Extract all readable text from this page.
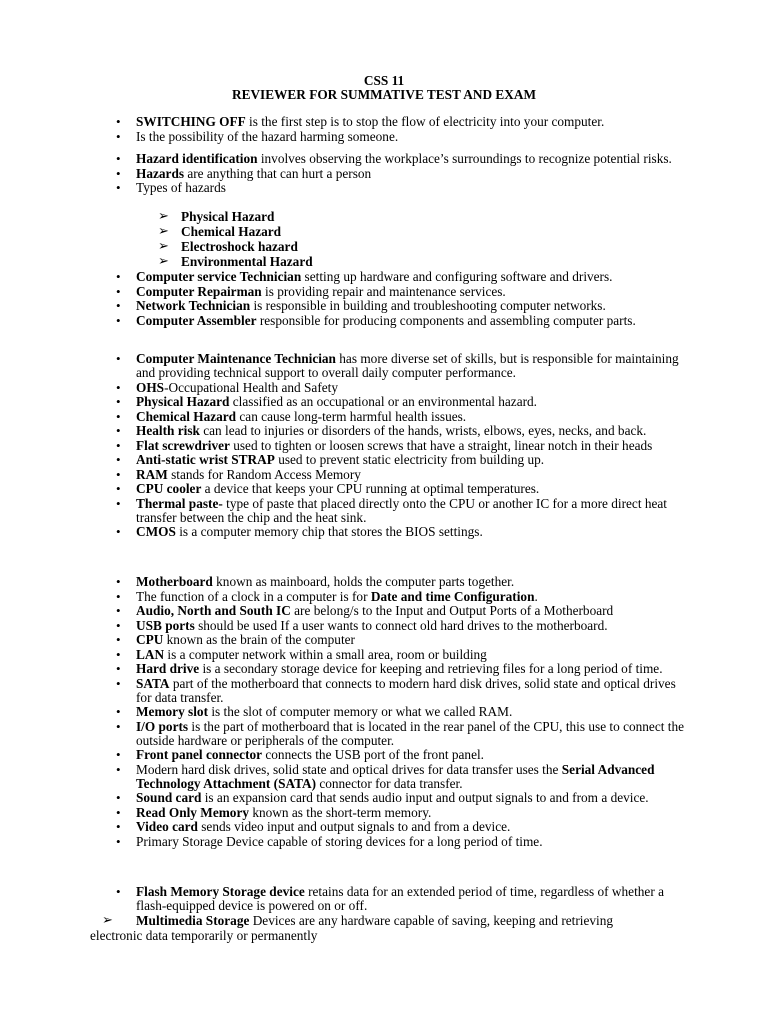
CSS 11
REVIEWER FOR SUMMATIVE TEST AND EXAM
• SWITCHING OFF is the first step is to stop the flow of electricity into your computer.
• Is the possibility of the hazard harming someone.
• Hazard identification involves observing the workplace’s surroundings to recognize potential risks.
• Hazards are anything that can hurt a person
• Types of hazards
➢ Physical Hazard
➢ Chemical Hazard
➢ Electroshock hazard
➢ Environmental Hazard
• Computer service Technician setting up hardware and configuring software and drivers.
• Computer Repairman is providing repair and maintenance services.
• Network Technician is responsible in building and troubleshooting computer networks.
• Computer Assembler responsible for producing components and assembling computer parts.
• Computer Maintenance Technician has more diverse set of skills, but is responsible for maintaining and providing technical support to overall daily computer performance.
• OHS-Occupational Health and Safety
• Physical Hazard classified as an occupational or an environmental hazard.
• Chemical Hazard can cause long-term harmful health issues.
• Health risk can lead to injuries or disorders of the hands, wrists, elbows, eyes, necks, and back.
• Flat screwdriver used to tighten or loosen screws that have a straight, linear notch in their heads
• Anti-static wrist STRAP used to prevent static electricity from building up.
• RAM stands for Random Access Memory
• CPU cooler a device that keeps your CPU running at optimal temperatures.
• Thermal paste- type of paste that placed directly onto the CPU or another IC for a more direct heat transfer between the chip and the heat sink.
• CMOS is a computer memory chip that stores the BIOS settings.
• Motherboard known as mainboard, holds the computer parts together.
• The function of a clock in a computer is for Date and time Configuration.
• Audio, North and South IC are belong/s to the Input and Output Ports of a Motherboard
• USB ports should be used If a user wants to connect old hard drives to the motherboard.
• CPU known as the brain of the computer
• LAN is a computer network within a small area, room or building
• Hard drive is a secondary storage device for keeping and retrieving files for a long period of time.
• SATA part of the motherboard that connects to modern hard disk drives, solid state and optical drives for data transfer.
• Memory slot is the slot of computer memory or what we called RAM.
• I/O ports is the part of motherboard that is located in the rear panel of the CPU, this use to connect the outside hardware or peripherals of the computer.
• Front panel connector connects the USB port of the front panel.
• Modern hard disk drives, solid state and optical drives for data transfer uses the Serial Advanced Technology Attachment (SATA) connector for data transfer.
• Sound card is an expansion card that sends audio input and output signals to and from a device.
• Read Only Memory known as the short-term memory.
• Video card sends video input and output signals to and from a device.
• Primary Storage Device capable of storing devices for a long period of time.
• Flash Memory Storage device retains data for an extended period of time, regardless of whether a flash-equipped device is powered on or off.
➢ Multimedia Storage Devices are any hardware capable of saving, keeping and retrieving
electronic data temporarily or permanently
